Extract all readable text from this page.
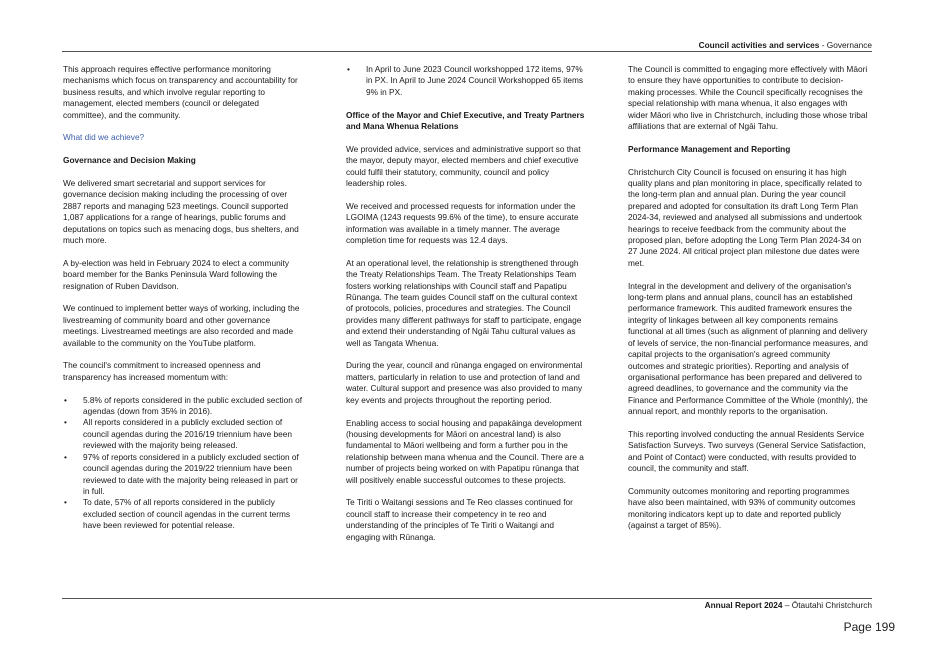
Council activities and services - Governance

This approach requires effective performance monitoring mechanisms which focus on transparency and accountability for business results, and which involve regular reporting to management, elected members (council or delegated committee), and the community.

What did we achieve?

Governance and Decision Making

We delivered smart secretarial and support services for governance decision making including the processing of over 2887 reports and managing 523 meetings. Council supported 1,087 applications for a range of hearings, public forums and deputations on topics such as menacing dogs, bus shelters, and much more.

A by-election was held in February 2024 to elect a community board member for the Banks Peninsula Ward following the resignation of Ruben Davidson.

We continued to implement better ways of working, including the livestreaming of community board and other governance meetings. Livestreamed meetings are also recorded and made available to the community on the YouTube platform.

The council's commitment to increased openness and transparency has increased momentum with:

• 5.8% of reports considered in the public excluded section of agendas (down from 35% in 2016).
• All reports considered in a publicly excluded section of council agendas during the 2016/19 triennium have been reviewed with the majority being released.
• 97% of reports considered in a publicly excluded section of council agendas during the 2019/22 triennium have been reviewed to date with the majority being released in part or in full.
• To date, 57% of all reports considered in the publicly excluded section of council agendas in the current terms have been reviewed for potential release.
• In April to June 2023 Council workshopped 172 items, 97% in PX. In April to June 2024 Council Workshopped 65 items 9% in PX.

Office of the Mayor and Chief Executive, and Treaty Partners and Mana Whenua Relations

We provided advice, services and administrative support so that the mayor, deputy mayor, elected members and chief executive could fulfil their statutory, community, council and policy leadership roles.

We received and processed requests for information under the LGOIMA (1243 requests 99.6% of the time), to ensure accurate information was available in a timely manner. The average completion time for requests was 12.4 days.

At an operational level, the relationship is strengthened through the Treaty Relationships Team. The Treaty Relationships Team fosters working relationships with Council staff and Papatipu Rūnanga. The team guides Council staff on the cultural context of protocols, policies, procedures and strategies. The Council provides many different pathways for staff to participate, engage and extend their understanding of Ngāi Tahu cultural values as well as Tangata Whenua.

During the year, council and rūnanga engaged on environmental matters, particularly in relation to use and protection of land and water. Cultural support and presence was also provided to many key events and projects throughout the reporting period.

Enabling access to social housing and papakāinga development (housing developments for Māori on ancestral land) is also fundamental to Māori wellbeing and form a further pou in the relationship between mana whenua and the Council. There are a number of projects being worked on with Papatipu rūnanga that will positively enable successful outcomes to these projects.

Te Tiriti o Waitangi sessions and Te Reo classes continued for council staff to increase their competency in te reo and understanding of the principles of Te Tiriti o Waitangi and engaging with Rūnanga.

The Council is committed to engaging more effectively with Māori to ensure they have opportunities to contribute to decision-making processes. While the Council specifically recognises the special relationship with mana whenua, it also engages with wider Māori who live in Christchurch, including those whose tribal affiliations that are external of Ngāi Tahu.

Performance Management and Reporting

Christchurch City Council is focused on ensuring it has high quality plans and plan monitoring in place, specifically related to the long-term plan and annual plan. During the year council prepared and adopted for consultation its draft Long Term Plan 2024-34, reviewed and analysed all submissions and undertook hearings to receive feedback from the community about the proposed plan, before adopting the Long Term Plan 2024-34 on 27 June 2024. All critical project plan milestone due dates were met.

Integral in the development and delivery of the organisation's long-term plans and annual plans, council has an established performance framework. This audited framework ensures the integrity of linkages between all key components remains functional at all times (such as alignment of planning and delivery of levels of service, the non-financial performance measures, and capital projects to the organisation's agreed community outcomes and strategic priorities). Reporting and analysis of organisational performance has been prepared and delivered to agreed deadlines, to governance and the community via the Finance and Performance Committee of the Whole (monthly), the annual report, and monthly reports to the organisation.

This reporting involved conducting the annual Residents Service Satisfaction Surveys. Two surveys (General Service Satisfaction, and Point of Contact) were conducted, with results provided to council, the community and staff.

Community outcomes monitoring and reporting programmes have also been maintained, with 93% of community outcomes monitoring indicators kept up to date and reported publicly (against a target of 85%).

Annual Report 2024 – Ōtautahi Christchurch
Page 199
